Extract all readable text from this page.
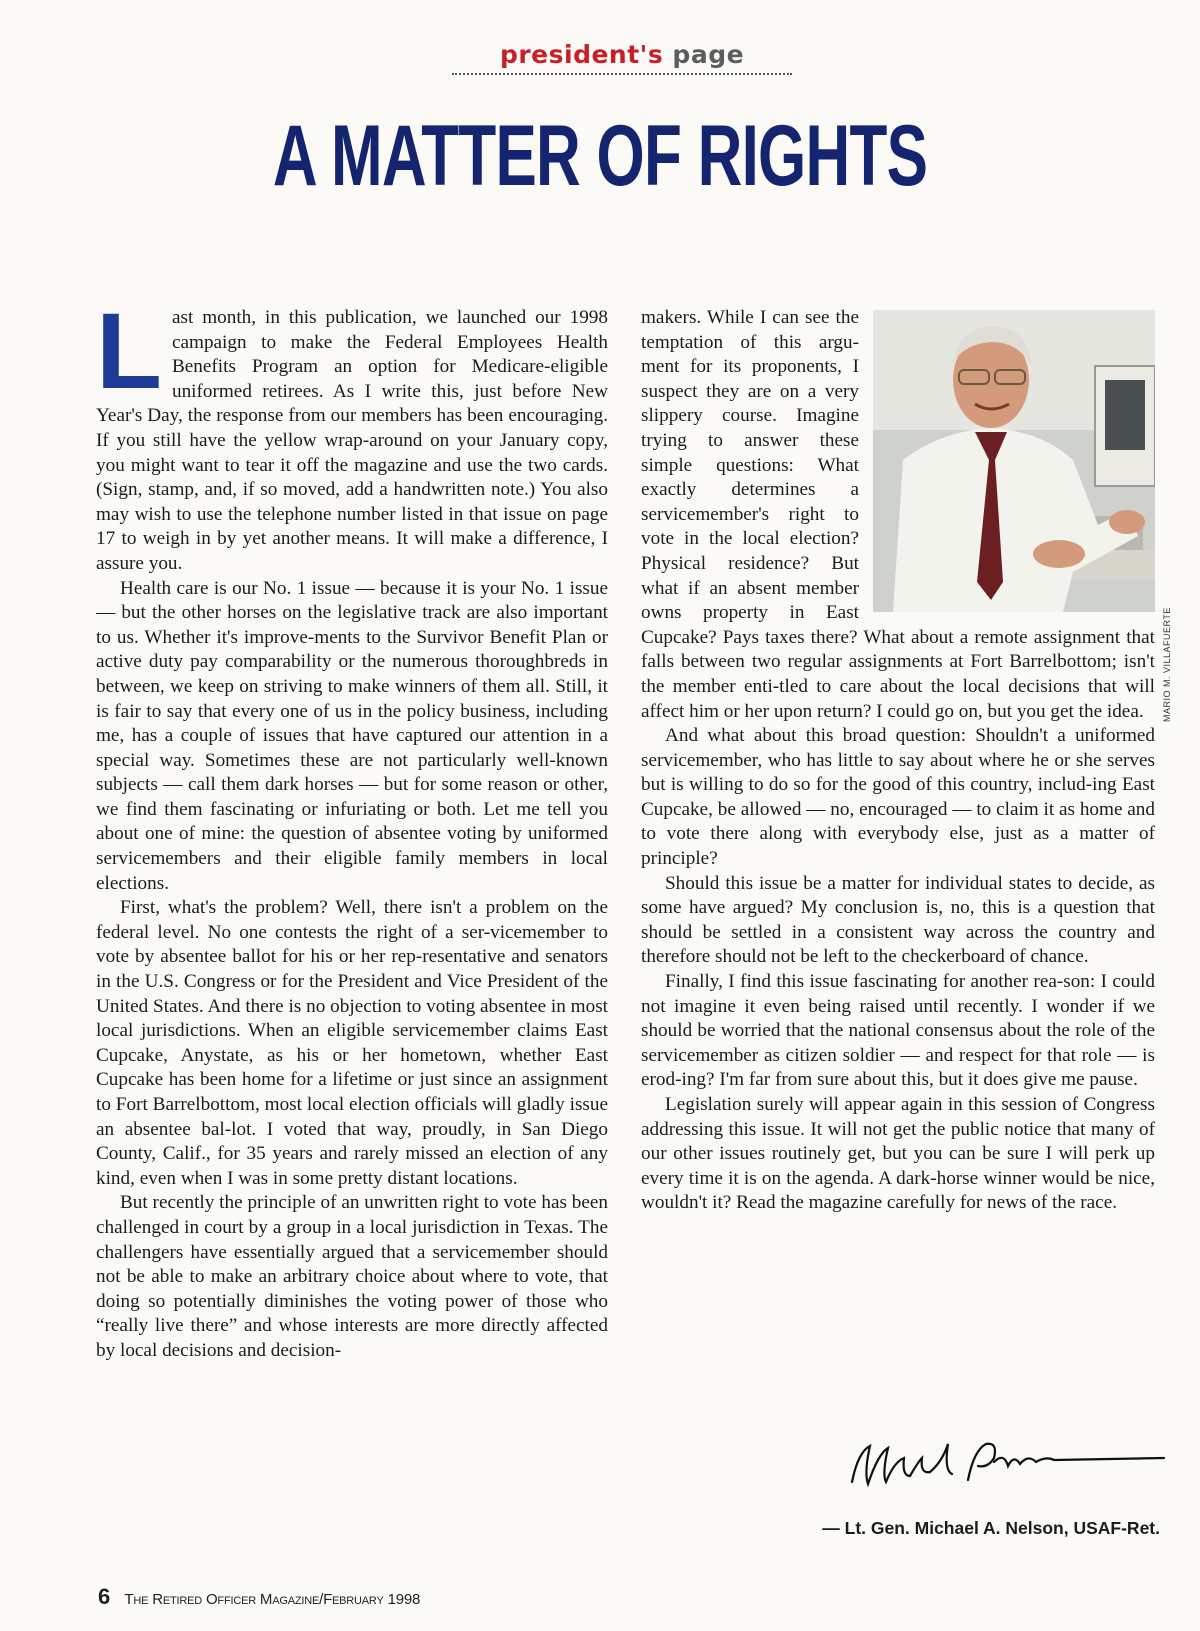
president's page
A MATTER OF RIGHTS

Last month, in this publication, we launched our 1998 campaign to make the Federal Employees Health Benefits Program an option for Medicare-eligible uniformed retirees. As I write this, just before New Year's Day, the response from our members has been encouraging. If you still have the yellow wrap-around on your January copy, you might want to tear it off the magazine and use the two cards. (Sign, stamp, and, if so moved, add a handwritten note.) You also may wish to use the telephone number listed in that issue on page 17 to weigh in by yet another means. It will make a difference, I assure you.

Health care is our No. 1 issue — because it is your No. 1 issue — but the other horses on the legislative track are also important to us. Whether it's improve-ments to the Survivor Benefit Plan or active duty pay comparability or the numerous thoroughbreds in between, we keep on striving to make winners of them all. Still, it is fair to say that every one of us in the policy business, including me, has a couple of issues that have captured our attention in a special way. Sometimes these are not particularly well-known subjects — call them dark horses — but for some reason or other, we find them fascinating or infuriating or both. Let me tell you about one of mine: the question of absentee voting by uniformed servicemembers and their eligible family members in local elections.

First, what's the problem? Well, there isn't a problem on the federal level. No one contests the right of a ser-vicemember to vote by absentee ballot for his or her rep-resentative and senators in the U.S. Congress or for the President and Vice President of the United States. And there is no objection to voting absentee in most local jurisdictions. When an eligible servicemember claims East Cupcake, Anystate, as his or her hometown, whether East Cupcake has been home for a lifetime or just since an assignment to Fort Barrelbottom, most local election officials will gladly issue an absentee bal-lot. I voted that way, proudly, in San Diego County, Calif., for 35 years and rarely missed an election of any kind, even when I was in some pretty distant locations.

But recently the principle of an unwritten right to vote has been challenged in court by a group in a local jurisdiction in Texas. The challengers have essentially argued that a servicemember should not be able to make an arbitrary choice about where to vote, that doing so potentially diminishes the voting power of those who “really live there” and whose interests are more directly affected by local decisions and decision-

makers. While I can see the temptation of this argu-ment for its proponents, I suspect they are on a very slippery course. Imagine trying to answer these simple questions: What exactly determines a servicemember's right to vote in the local election? Physical residence? But what if an absent member owns property in East Cupcake? Pays taxes there? What about a remote assignment that falls between two regular assignments at Fort Barrelbottom; isn't the member enti-tled to care about the local decisions that will affect him or her upon return? I could go on, but you get the idea.

And what about this broad question: Shouldn't a uniformed servicemember, who has little to say about where he or she serves but is willing to do so for the good of this country, includ-ing East Cupcake, be allowed — no, encouraged — to claim it as home and to vote there along with everybody else, just as a matter of principle?

Should this issue be a matter for individual states to decide, as some have argued? My conclusion is, no, this is a question that should be settled in a consistent way across the country and therefore should not be left to the checkerboard of chance.

Finally, I find this issue fascinating for another rea-son: I could not imagine it even being raised until recently. I wonder if we should be worried that the national consensus about the role of the servicemember as citizen soldier — and respect for that role — is erod-ing? I'm far from sure about this, but it does give me pause.

Legislation surely will appear again in this session of Congress addressing this issue. It will not get the public notice that many of our other issues routinely get, but you can be sure I will perk up every time it is on the agenda. A dark-horse winner would be nice, wouldn't it? Read the magazine carefully for news of the race.

MARIO M. VILLAFUERTE
— Lt. Gen. Michael A. Nelson, USAF-Ret.
6 The Retired Officer Magazine/February 1998
